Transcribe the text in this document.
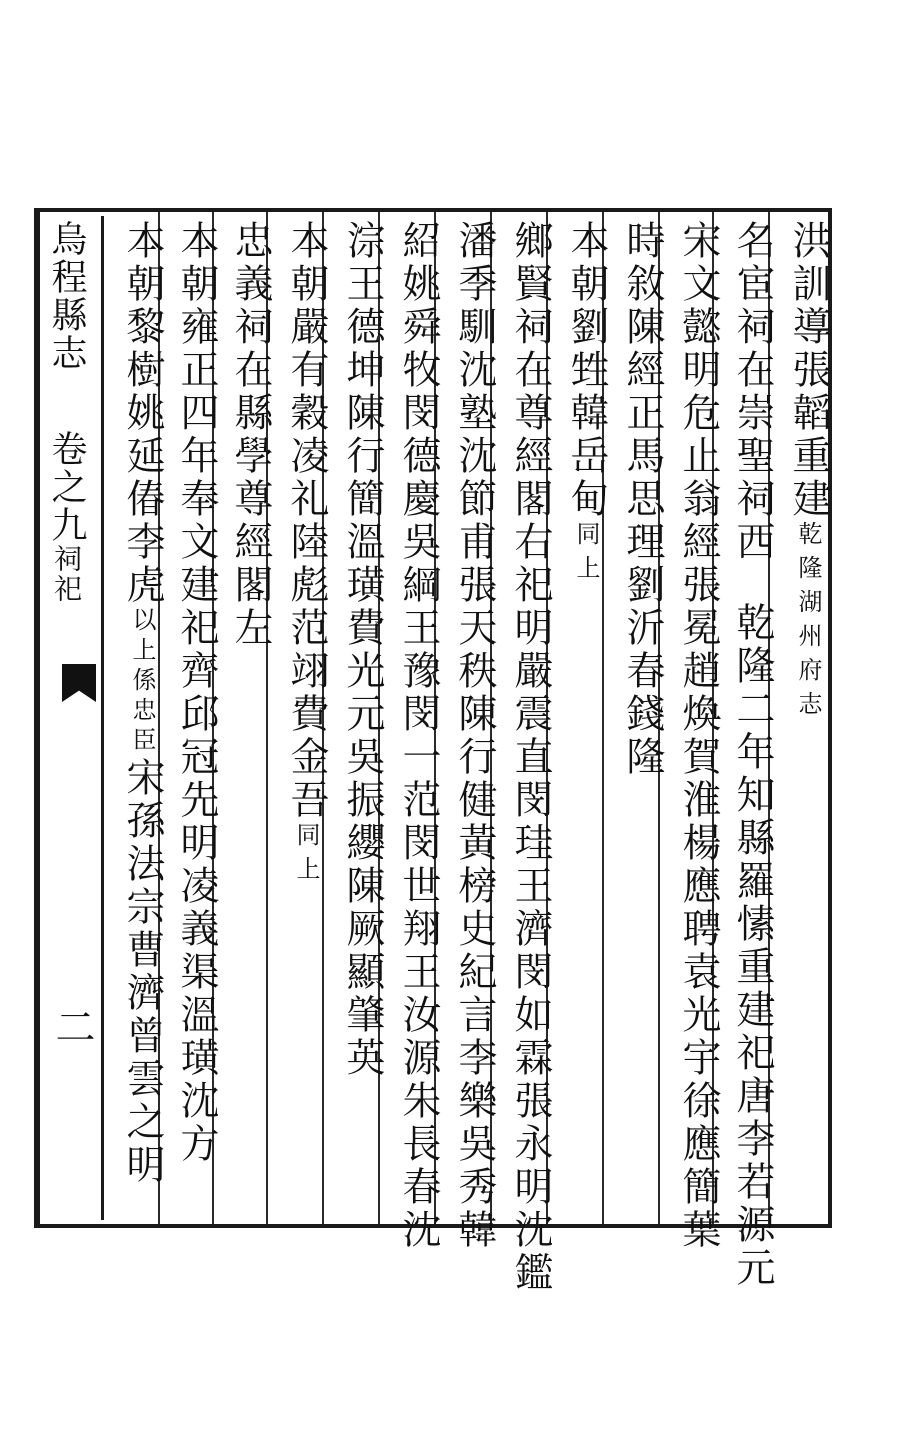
烏程縣志卷之九祠祀
二
洪訓導張韜重建乾隆湖州府志
名宦祠在崇聖祠西乾隆二年知縣羅愫重建祀唐李若源元
宋文懿明危止翁經張冕趙煥賀淮楊應聘袁光宇徐應簡葉
時敘陳經正馬思理劉沂春錢隆
本朝劉甡韓岳甸同上
鄉賢祠在尊經閣右祀明嚴震直閔珪王濟閔如霖張永明沈鑑
潘季馴沈塾沈節甫張天秩陳行健黃榜史紀言李樂吳秀韓
紹姚舜牧閔德慶吳綱王豫閔一范閔世翔王汝源朱長春沈
淙王德坤陳行簡溫璜費光元吳振纓陳厥顯肇英
本朝嚴有穀凌礼陸彪范翊費金吾同上
忠義祠在縣學尊經閣左
本朝雍正四年奉文建祀齊邱冠先明凌義渠溫璜沈方
本朝黎樹姚延偆李虎以上係忠臣宋孫法宗曹濟曾雲之明
